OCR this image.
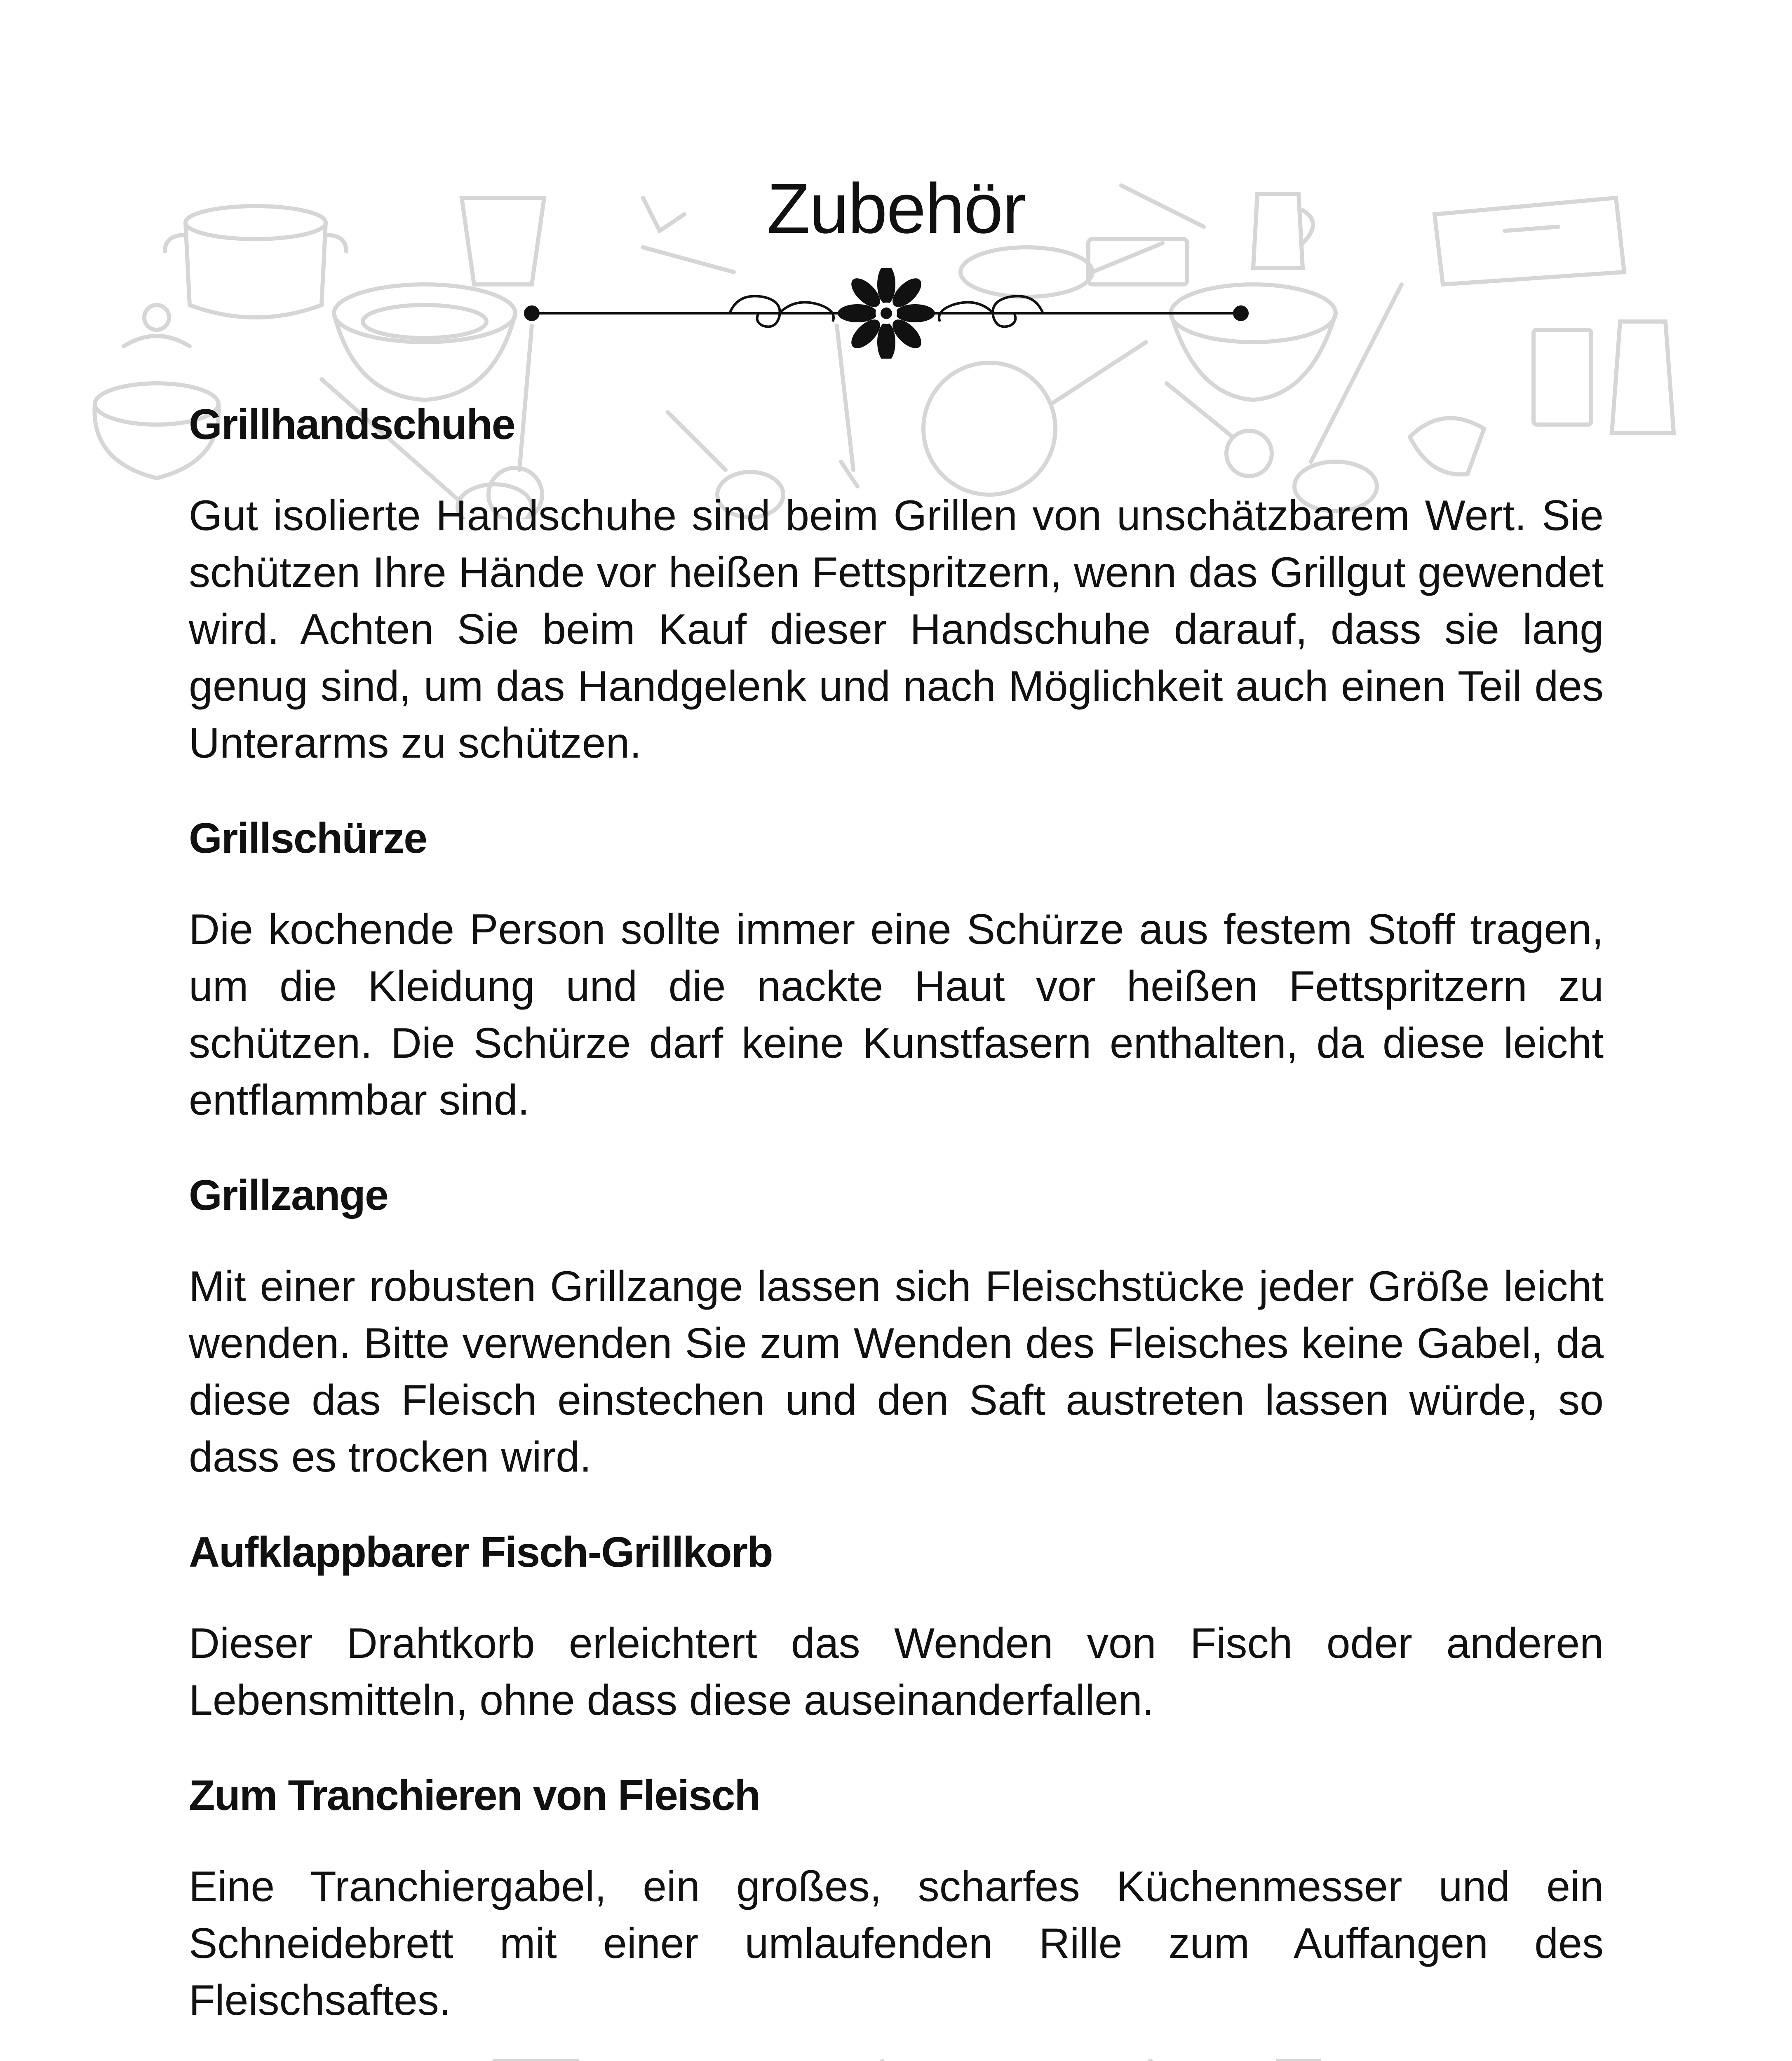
Zubehör
Grillhandschuhe
Gut isolierte Handschuhe sind beim Grillen von unschätzbarem Wert. Sie schützen Ihre Hände vor heißen Fettspritzern, wenn das Grillgut gewendet wird. Achten Sie beim Kauf dieser Handschuhe darauf, dass sie lang genug sind, um das Handgelenk und nach Möglichkeit auch einen Teil des Unterarms zu schützen.
Grillschürze
Die kochende Person sollte immer eine Schürze aus festem Stoff tragen, um die Kleidung und die nackte Haut vor heißen Fettspritzern zu schützen. Die Schürze darf keine Kunstfasern enthalten, da diese leicht entflammbar sind.
Grillzange
Mit einer robusten Grillzange lassen sich Fleischstücke jeder Größe leicht wenden. Bitte verwenden Sie zum Wenden des Fleisches keine Gabel, da diese das Fleisch einstechen und den Saft austreten lassen würde, so dass es trocken wird.
Aufklappbarer Fisch-Grillkorb
Dieser Drahtkorb erleichtert das Wenden von Fisch oder anderen Lebensmitteln, ohne dass diese auseinanderfallen.
Zum Tranchieren von Fleisch
Eine Tranchiergabel, ein großes, scharfes Küchenmesser und ein Schneidebrett mit einer umlaufenden Rille zum Auffangen des Fleischsaftes.
